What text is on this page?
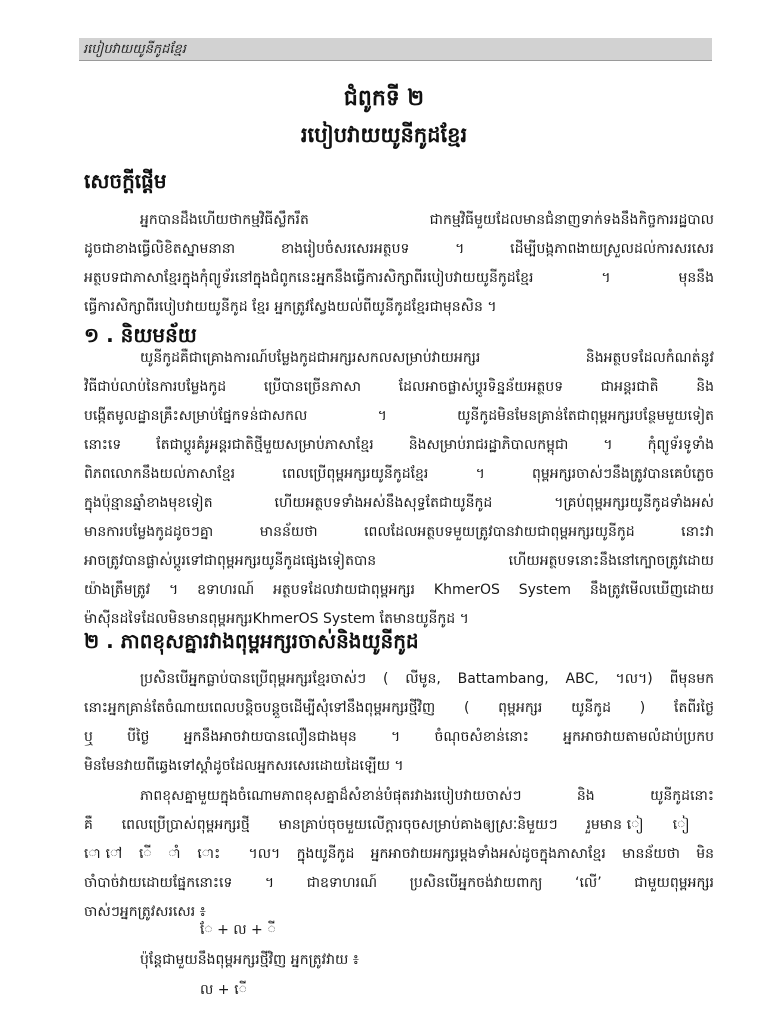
របៀបវាយយូនីកូដខ្មែរ
ជំពូកទី ២
របៀបវាយយូនីកូដខ្មែរ
សេចក្តីផ្តើម
អ្នកបានដឹងហើយថាកម្មវិធីស្លឹករឹត ជាកម្មវិធីមួយដែលមានជំនាញទាក់ទងនឹងកិច្ចការរដ្ឋបាល
ដូចជាខាងធ្វើលិខិតស្នាមនានា ខាងរៀបចំសរសេរអត្ថបទ ។ ដើម្បីបង្កភាពងាយស្រួលដល់ការសរសេរ
អត្ថបទជាភាសាខ្មែរក្នុងកុំព្យូទ័រនៅក្នុងជំពូកនេះអ្នកនឹងធ្វើការសិក្សាពីរបៀបវាយយូនីកូដខ្មែរ ។ មុននឹង
ធ្វើការសិក្សាពីរបៀបវាយយូនីកូដ ខ្មែរ អ្នកត្រូវស្វែងយល់ពីយូនីកូដខ្មែរជាមុនសិន ។
១ . និយមន័យ
យូនីកូដគឺជាគ្រោងការណ៍បម្លែងកូដជាអក្សរសកលសម្រាប់វាយអក្សរ និងអត្ថបទដែលកំណត់នូវ
វិធីជាប់លាប់នៃការបម្លែងកូដ ប្រើបានច្រើនភាសា ដែលអាចផ្លាស់ប្តូរទិន្នន័យអត្ថបទ ជាអន្តរជាតិ និង
បង្កើតមូលដ្ឋានគ្រឹះសម្រាប់ផ្នែកទន់ជាសកល ។ យូនីកូដមិនមែនគ្រាន់តែជាពុម្ពអក្សរបន្ថែមមួយទៀត
នោះទេ តែជាប្តូរគំរូអន្តរជាតិថ្មីមួយសម្រាប់ភាសាខ្មែរ និងសម្រាប់រាជរដ្ឋាភិបាលកម្ពុជា ។ កុំព្យូទ័រទូទាំង
ពិភពលោកនឹងយល់ភាសាខ្មែរ ពេលប្រើពុម្ពអក្សរយូនីកូដខ្មែរ ។ ពុម្ពអក្សរចាស់ៗនឹងត្រូវបានគេបំភ្លេច
ក្នុងប៉ុន្មានឆ្នាំខាងមុខទៀត ហើយអត្ថបទទាំងអស់នឹងសុទ្ធតែជាយូនីកូដ ។គ្រប់ពុម្ពអក្សរយូនីកូដទាំងអស់
មានការបម្លែងកូដដូចៗគ្នា មានន័យថា ពេលដែលអត្ថបទមួយត្រូវបានវាយជាពុម្ពអក្សរយូនីកូដ នោះវា
អាចត្រូវបានផ្លាស់ប្តូរទៅជាពុម្ពអក្សរយូនីកូដផ្សេងទៀតបាន ហើយអត្ថបទនោះនឹងនៅក្បោចត្រូវដោយ
យ៉ាងត្រឹមត្រូវ ។ ឧទាហរណ៍ អត្ថបទដែលវាយជាពុម្ពអក្សរ KhmerOS System នឹងត្រូវមើលឃើញដោយ
ម៉ាស៊ីនដទៃដែលមិនមានពុម្ពអក្សរKhmerOS System តែមានយូនីកូដ ។
២ . ភាពខុសគ្នារវាងពុម្ពអក្សរចាស់និងយូនីកូដ
ប្រសិនបើអ្នកធ្លាប់បានប្រើពុម្ពអក្សរខ្មែរចាស់ៗ ( លីមូន, Battambang, ABC, ។ល។) ពីមុនមក
នោះអ្នកគ្រាន់តែចំណាយពេលបន្តិចបន្តួចដើម្បីសុំទៅនឹងពុម្ពអក្សរថ្មីវិញ ( ពុម្ពអក្សរ យូនីកូដ ) តែពីរថ្ងៃ
ឬ បីថ្ងៃ អ្នកនឹងអាចវាយបានលឿនជាងមុន ។ ចំណុចសំខាន់នោះ អ្នកអាចវាយតាមលំដាប់ប្រកប
មិនមែនវាយពីឆ្វេងទៅស្តាំដូចដែលអ្នកសរសេរដោយដៃឡើយ ។
ភាពខុសគ្នាមួយក្នុងចំណោមភាពខុសគ្នាដ៏សំខាន់បំផុតរវាងរបៀបវាយចាស់ៗ និង យូនីកូដនោះ
គឺ ពេលប្រើប្រាស់ពុម្ពអក្សរថ្មី មានគ្រាប់ចុចមួយលើក្តារចុចសម្រាប់គាងឲ្យស្រៈនិមួយៗ រួមមាន ៀ ៀ
ោ ៅ ើ ាំ ោះ ។ល។ ក្នុងយូនីកូដ អ្នកអាចវាយអក្សរម្តងទាំងអស់ដូចក្នុងភាសាខ្មែរ មានន័យថា មិន
ចាំបាច់វាយដោយផ្នែកនោះទេ ។ ជាឧទាហរណ៍ ប្រសិនបើអ្នកចង់វាយពាក្យ ‘លើ’ ជាមួយពុម្ពអក្សរ
ចាស់ៗអ្នកត្រូវសរសេរ ៖
ែ + ល + ី
ប៉ុន្តែជាមួយនឹងពុម្ពអក្សរថ្មីវិញ អ្នកត្រូវវាយ ៖
ល + ើ
